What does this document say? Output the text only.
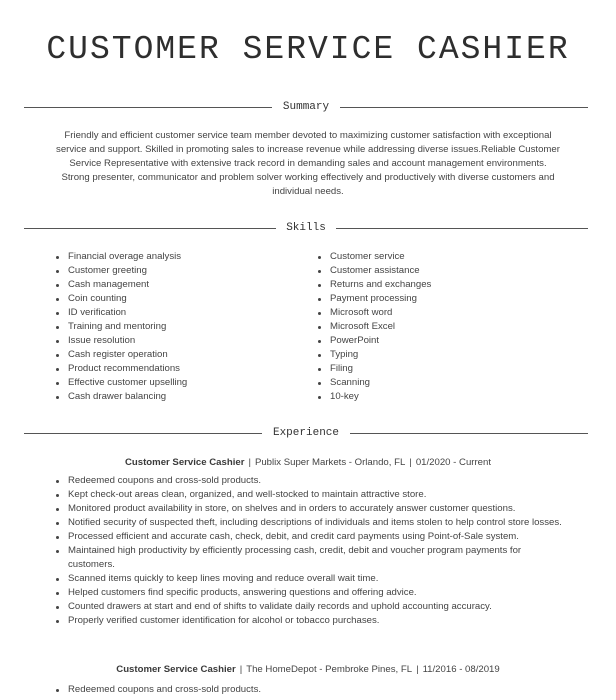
CUSTOMER SERVICE CASHIER
Summary
Friendly and efficient customer service team member devoted to maximizing customer satisfaction with exceptional service and support. Skilled in promoting sales to increase revenue while addressing diverse issues.Reliable Customer Service Representative with extensive track record in demanding sales and account management environments. Strong presenter, communicator and problem solver working effectively and productively with diverse customers and individual needs.
Skills
Financial overage analysis
Customer greeting
Cash management
Coin counting
ID verification
Training and mentoring
Issue resolution
Cash register operation
Product recommendations
Effective customer upselling
Cash drawer balancing
Customer service
Customer assistance
Returns and exchanges
Payment processing
Microsoft word
Microsoft Excel
PowerPoint
Typing
Filing
Scanning
10-key
Experience
Customer Service Cashier | Publix Super Markets - Orlando, FL | 01/2020 - Current
Redeemed coupons and cross-sold products.
Kept check-out areas clean, organized, and well-stocked to maintain attractive store.
Monitored product availability in store, on shelves and in orders to accurately answer customer questions.
Notified security of suspected theft, including descriptions of individuals and items stolen to help control store losses.
Processed efficient and accurate cash, check, debit, and credit card payments using Point-of-Sale system.
Maintained high productivity by efficiently processing cash, credit, debit and voucher program payments for customers.
Scanned items quickly to keep lines moving and reduce overall wait time.
Helped customers find specific products, answering questions and offering advice.
Counted drawers at start and end of shifts to validate daily records and uphold accounting accuracy.
Properly verified customer identification for alcohol or tobacco purchases.
Customer Service Cashier | The HomeDepot - Pembroke Pines, FL | 11/2016 - 08/2019
Redeemed coupons and cross-sold products.
